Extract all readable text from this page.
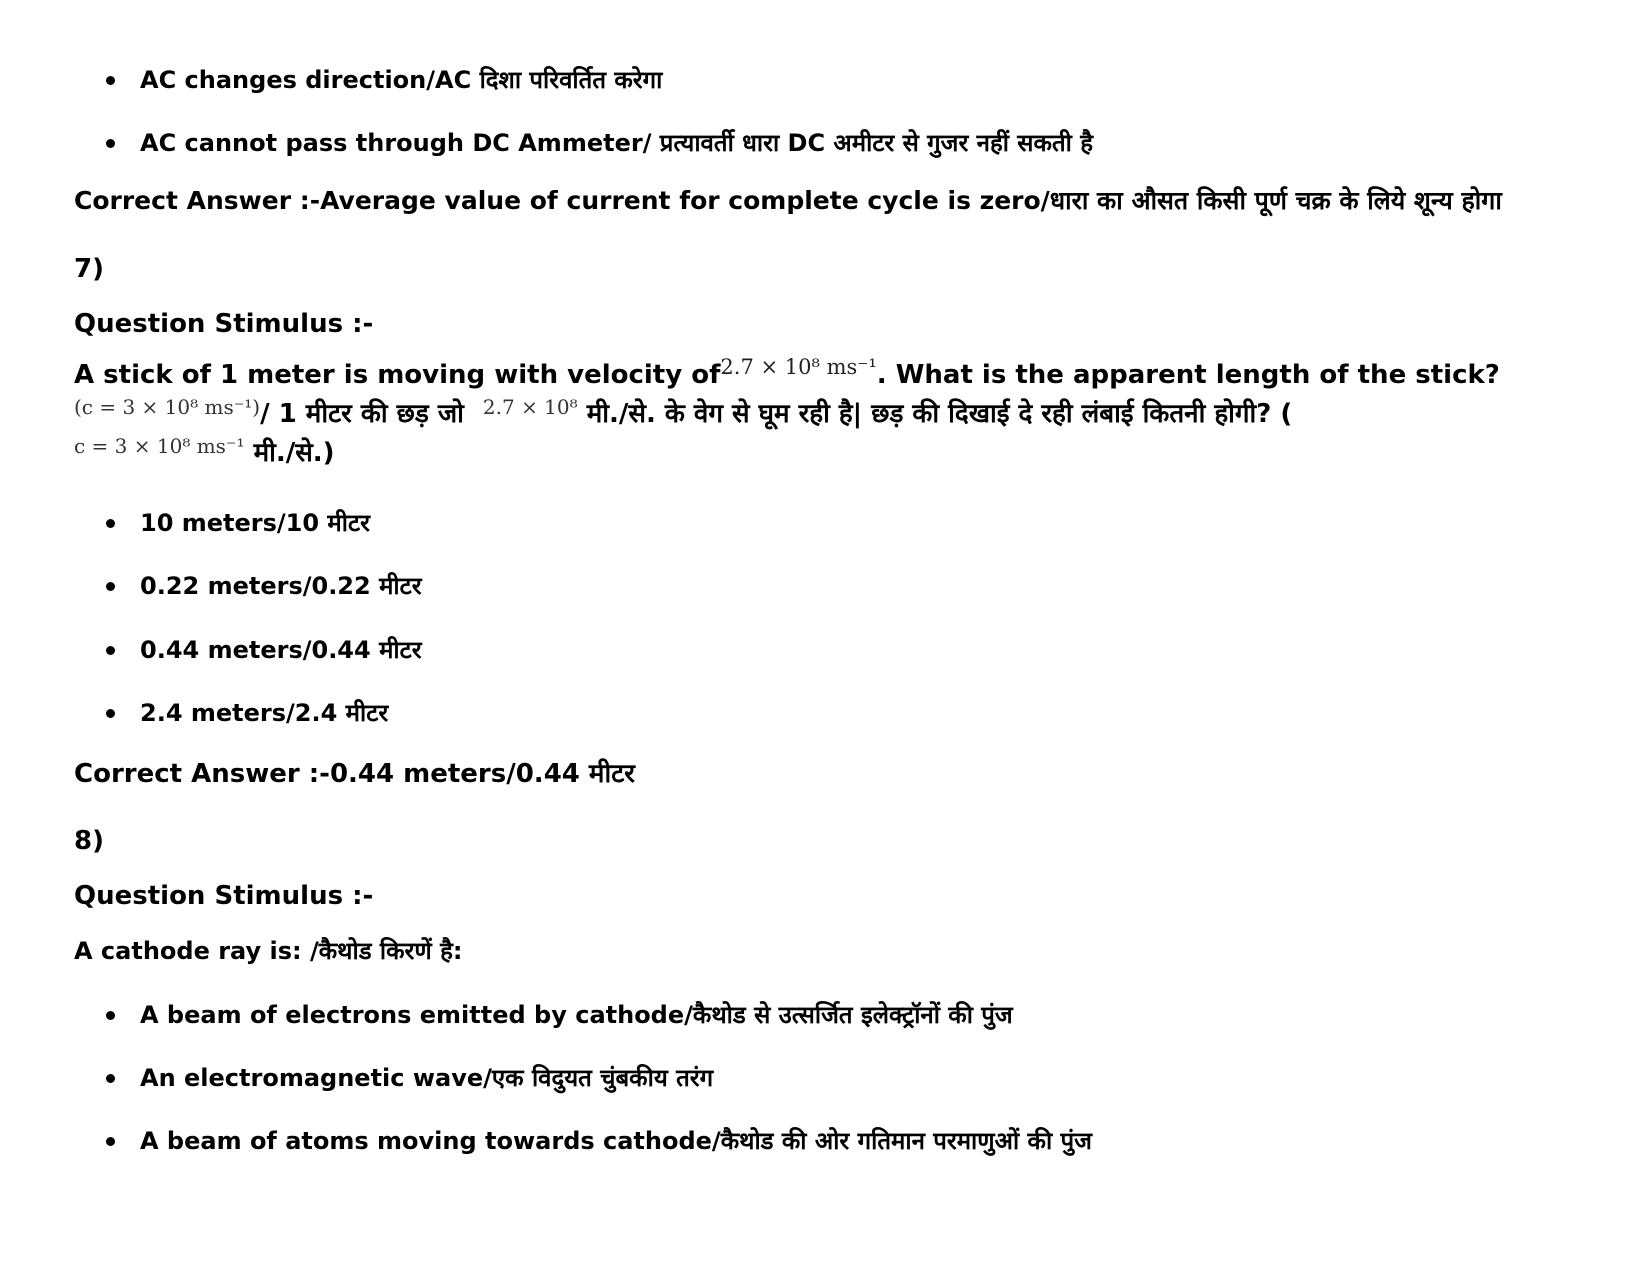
AC changes direction/AC दिशा परिवर्तित करेगा
AC cannot pass through DC Ammeter/ प्रत्यावर्ती धारा DC अमीटर से गुजर नहीं सकती है
Correct Answer :-Average value of current for complete cycle is zero/धारा का औसत किसी पूर्ण चक्र के लिये शून्य होगा
7)
Question Stimulus :-
A stick of 1 meter is moving with velocity $of^{2.7 \times 10^8 ms^{-1}}$. What is the apparent length of the stick?
$^{(c = 3 \times 10^8 ms^{-1})}$/ 1 मीटर की छड़ जो $^{2.7 \times 10^8}$ मी./से. के वेग से घूम रही है| छड़ की दिखाई दे रही लंबाई कितनी होगी? (
$^{c = 3 \times 10^8 ms^{-1}}$ मी./से.)
10 meters/10 मीटर
0.22 meters/0.22 मीटर
0.44 meters/0.44 मीटर
2.4 meters/2.4 मीटर
Correct Answer :-0.44 meters/0.44 मीटर
8)
Question Stimulus :-
A cathode ray is: /कैथोड किरणें है:
A beam of electrons emitted by cathode/कैथोड से उत्सर्जित इलेक्ट्रॉनों की पुंज
An electromagnetic wave/एक विदुयत चुंबकीय तरंग
A beam of atoms moving towards cathode/कैथोड की ओर गतिमान परमाणुओं की पुंज
